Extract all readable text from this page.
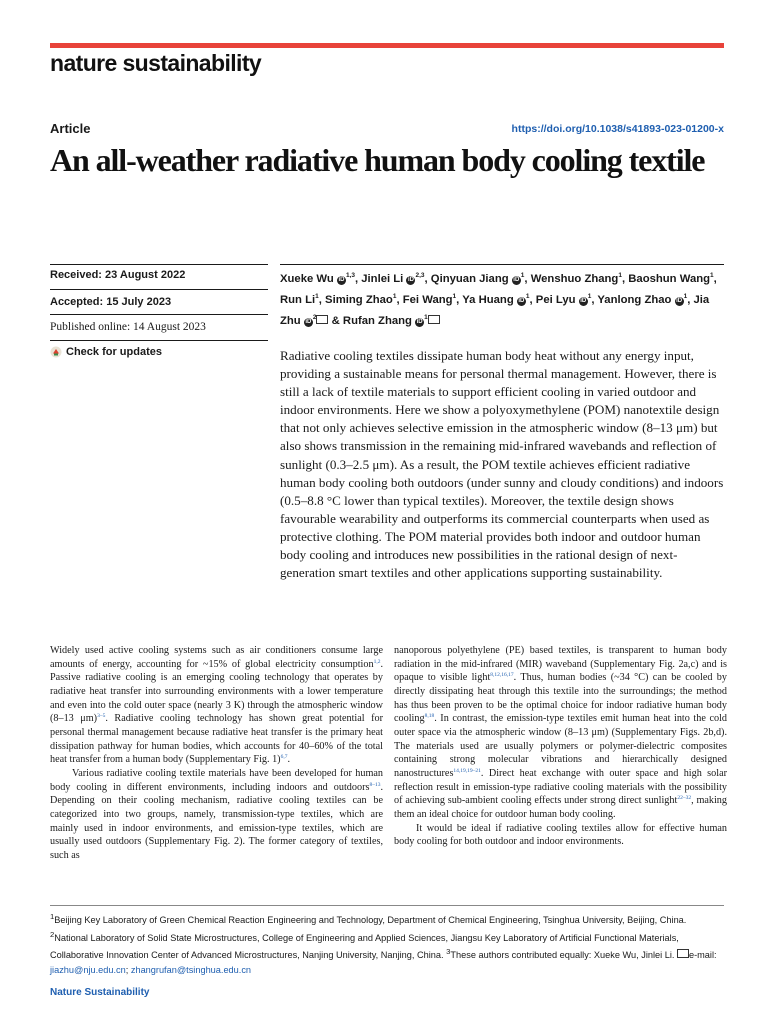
nature sustainability
Article	https://doi.org/10.1038/s41893-023-01200-x
An all-weather radiative human body cooling textile
Received: 23 August 2022
Accepted: 15 July 2023
Published online: 14 August 2023
Check for updates
Xueke Wu iD$^{1,3}$, Jinlei Li iD$^{2,3}$, Qinyuan Jiang iD$^1$, Wenshuo Zhang$^1$, Baoshun Wang$^1$, Run Li$^1$, Siming Zhao$^1$, Fei Wang$^1$, Ya Huang iD$^1$, Pei Lyu iD$^1$, Yanlong Zhao iD$^1$, Jia Zhu iD$^2$ & Rufan Zhang iD$^1$
Radiative cooling textiles dissipate human body heat without any energy input, providing a sustainable means for personal thermal management. However, there is still a lack of textile materials to support efficient cooling in varied outdoor and indoor environments. Here we show a polyoxymethylene (POM) nanotextile design that not only achieves selective emission in the atmospheric window (8–13 μm) but also shows transmission in the remaining mid-infrared wavebands and reflection of sunlight (0.3–2.5 μm). As a result, the POM textile achieves efficient radiative human body cooling both outdoors (under sunny and cloudy conditions) and indoors (0.5–8.8 °C lower than typical textiles). Moreover, the textile design shows favourable wearability and outperforms its commercial counterparts when used as protective clothing. The POM material provides both indoor and outdoor human body cooling and introduces new possibilities in the rational design of next-generation smart textiles and other applications supporting sustainability.

Widely used active cooling systems such as air conditioners consume large amounts of energy, accounting for ~15% of global electricity consumption$^{1,2}$. Passive radiative cooling is an emerging cooling technology that operates by radiative heat transfer into surrounding environments with a lower temperature and even into the cold outer space (nearly 3 K) through the atmospheric window (8–13 μm)$^{3-5}$. Radiative cooling technology has shown great potential for personal thermal management because radiative heat transfer is the primary heat dissipation pathway for human bodies, which accounts for 40–60% of the total heat transfer from a human body (Supplementary Fig. 1)$^{6,7}$.

Various radiative cooling textile materials have been developed for human body cooling in different environments, including indoors and outdoors$^{8-13}$. Depending on their cooling mechanism, radiative cooling textiles can be categorized into two groups, namely, transmission-type textiles, which are mainly used in indoor environments, and emission-type textiles, which are usually used outdoors (Supplementary Fig. 2). The former category of textiles, such as

nanoporous polyethylene (PE) based textiles, is transparent to human body radiation in the mid-infrared (MIR) waveband (Supplementary Fig. 2a,c) and is opaque to visible light$^{8,12,16,17}$. Thus, human bodies (~34 °C) can be cooled by directly dissipating heat through this textile into the surroundings; the method has thus been proven to be the optimal choice for indoor radiative human body cooling$^{8,18}$. In contrast, the emission-type textiles emit human heat into the cold outer space via the atmospheric window (8–13 μm) (Supplementary Figs. 2b,d). The materials used are usually polymers or polymer-dielectric composites containing strong molecular vibrations and hierarchically designed nanostructures$^{14,19,19-21}$. Direct heat exchange with outer space and high solar reflection result in emission-type radiative cooling materials with the possibility of achieving sub-ambient cooling effects under strong direct sunlight$^{22-32}$, making them an ideal choice for outdoor human body cooling.

It would be ideal if radiative cooling textiles allow for effective human body cooling for both outdoor and indoor environments.

$^1$Beijing Key Laboratory of Green Chemical Reaction Engineering and Technology, Department of Chemical Engineering, Tsinghua University, Beijing, China. $^2$National Laboratory of Solid State Microstructures, College of Engineering and Applied Sciences, Jiangsu Key Laboratory of Artificial Functional Materials, Collaborative Innovation Center of Advanced Microstructures, Nanjing University, Nanjing, China. $^3$These authors contributed equally: Xueke Wu, Jinlei Li. e-mail: jiazhu@nju.edu.cn; zhangrufan@tsinghua.edu.cn
Nature Sustainability
